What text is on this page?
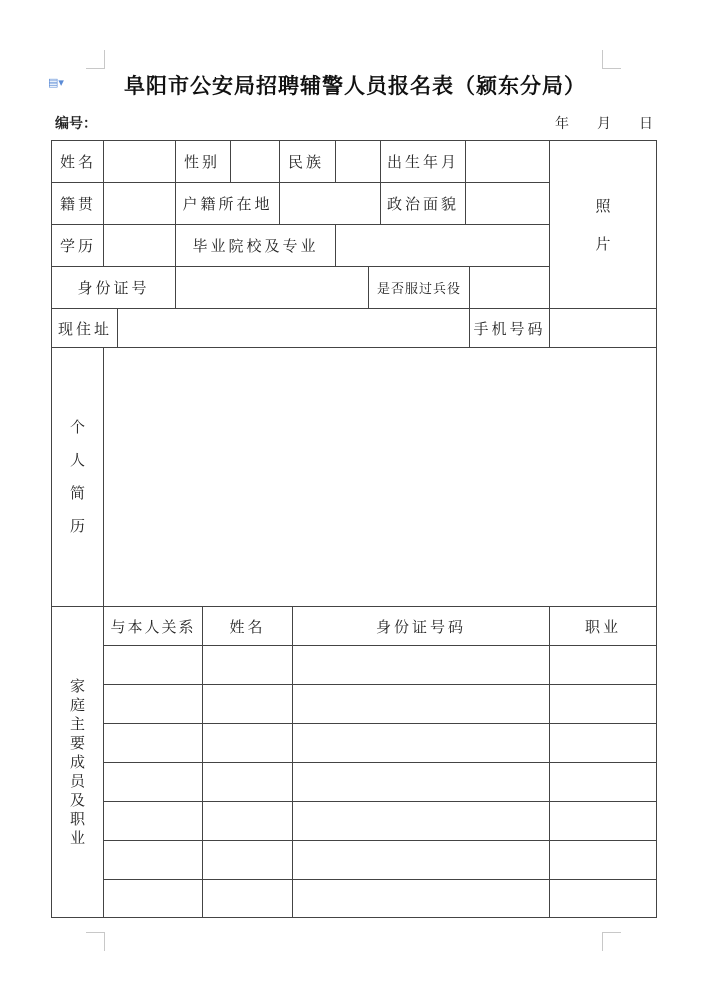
▤▾	阜阳市公安局招聘辅警人员报名表（颍东分局）
编号：	年 月 日
姓名	性别	民族	出生年月
籍贯	户籍所在地	政治面貌	照
片
学历	毕业院校及专业
身份证号	是否服过兵役
现住址	手机号码
个
人
简
历
家
庭
主
要
成
员
及
职
业
与本人关系	姓名	身份证号码	职业
